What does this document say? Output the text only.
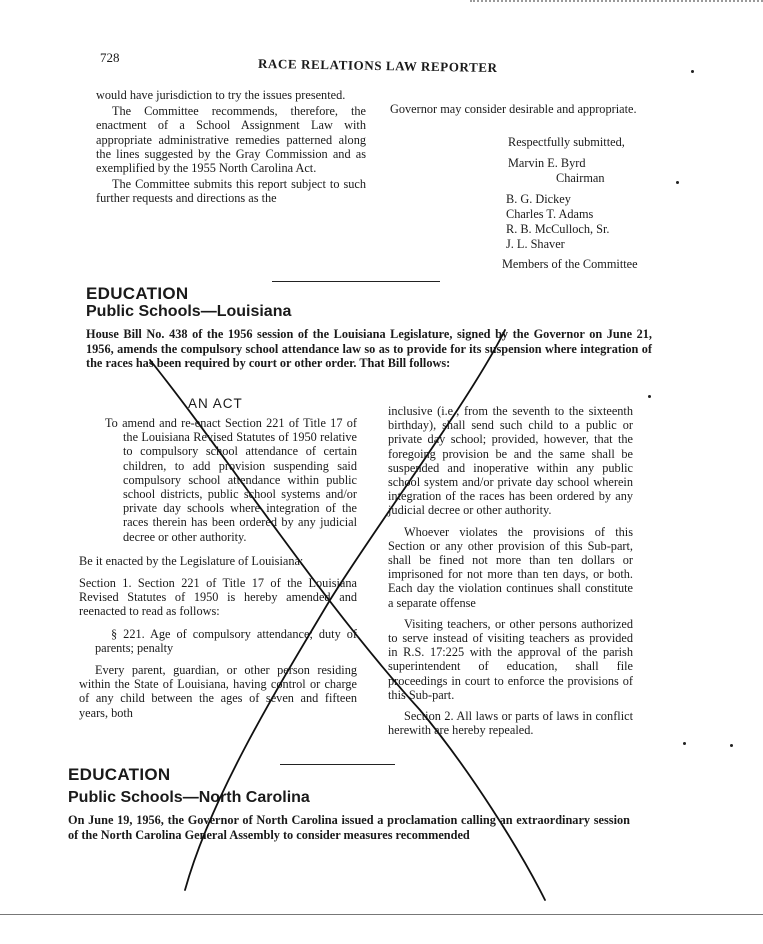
728	RACE RELATIONS LAW REPORTER

would have jurisdiction to try the issues presented.

The Committee recommends, therefore, the enactment of a School Assignment Law with appropriate administrative remedies patterned along the lines suggested by the Gray Commission and as exemplified by the 1955 North Carolina Act.

The Committee submits this report subject to such further requests and directions as the

Governor may consider desirable and appropriate.
Respectfully submitted,
Marvin E. Byrd
Chairman
B. G. Dickey
Charles T. Adams
R. B. McCulloch, Sr.
J. L. Shaver
Members of the Committee
EDUCATION
Public Schools—Louisiana
House Bill No. 438 of the 1956 session of the Louisiana Legislature, signed by the Governor on June 21, 1956, amends the compulsory school attendance law so as to provide for its suspension where integration of the races has been required by court or other order. That Bill follows:
AN ACT

To amend and re-enact Section 221 of Title 17 of the Louisiana Revised Statutes of 1950 relative to compulsory school attendance of certain children, to add provision suspending said compulsory school attendance within public school districts, public school systems and/or private day schools where integration of the races therein has been ordered by any judicial decree or other authority.

Be it enacted by the Legislature of Louisiana:

Section 1. Section 221 of Title 17 of the Louisiana Revised Statutes of 1950 is hereby amended and reenacted to read as follows:

§ 221. Age of compulsory attendance; duty of parents; penalty

Every parent, guardian, or other person residing within the State of Louisiana, having control or charge of any child between the ages of seven and fifteen years, both

inclusive (i.e., from the seventh to the sixteenth birthday), shall send such child to a public or private day school; provided, however, that the foregoing provision be and the same shall be suspended and inoperative within any public school system and/or private day school wherein integration of the races has been ordered by any judicial decree or other authority.

Whoever violates the provisions of this Section or any other provision of this Sub-part, shall be fined not more than ten dollars or imprisoned for not more than ten days, or both. Each day the violation continues shall constitute a separate offense

Visiting teachers, or other persons authorized to serve instead of visiting teachers as provided in R.S. 17:225 with the approval of the parish superintendent of education, shall file proceedings in court to enforce the provisions of this Sub-part.

Section 2. All laws or parts of laws in conflict herewith are hereby repealed.

EDUCATION
Public Schools—North Carolina
On June 19, 1956, the Governor of North Carolina issued a proclamation calling an extraordinary session of the North Carolina General Assembly to consider measures recommended
